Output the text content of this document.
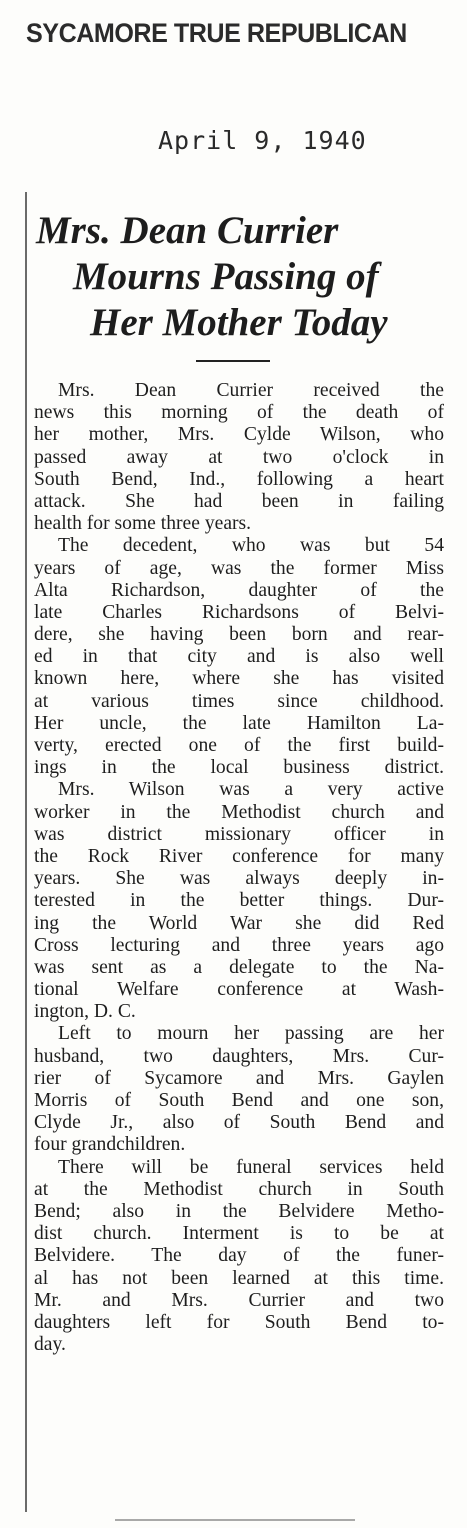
SYCAMORE TRUE REPUBLICAN
April 9, 1940
Mrs. Dean Currier
Mourns Passing of
Her Mother Today
Mrs. Dean Currier received the
news this morning of the death of
her mother, Mrs. Cylde Wilson, who
passed away at two o'clock in
South Bend, Ind., following a heart
attack. She had been in failing
health for some three years.
The decedent, who was but 54
years of age, was the former Miss
Alta Richardson, daughter of the
late Charles Richardsons of Belvi-
dere, she having been born and rear-
ed in that city and is also well
known here, where she has visited
at various times since childhood.
Her uncle, the late Hamilton La-
verty, erected one of the first build-
ings in the local business district.
Mrs. Wilson was a very active
worker in the Methodist church and
was district missionary officer in
the Rock River conference for many
years. She was always deeply in-
terested in the better things. Dur-
ing the World War she did Red
Cross lecturing and three years ago
was sent as a delegate to the Na-
tional Welfare conference at Wash-
ington, D. C.
Left to mourn her passing are her
husband, two daughters, Mrs. Cur-
rier of Sycamore and Mrs. Gaylen
Morris of South Bend and one son,
Clyde Jr., also of South Bend and
four grandchildren.
There will be funeral services held
at the Methodist church in South
Bend; also in the Belvidere Metho-
dist church. Interment is to be at
Belvidere. The day of the funer-
al has not been learned at this time.
Mr. and Mrs. Currier and two
daughters left for South Bend to-
day.
